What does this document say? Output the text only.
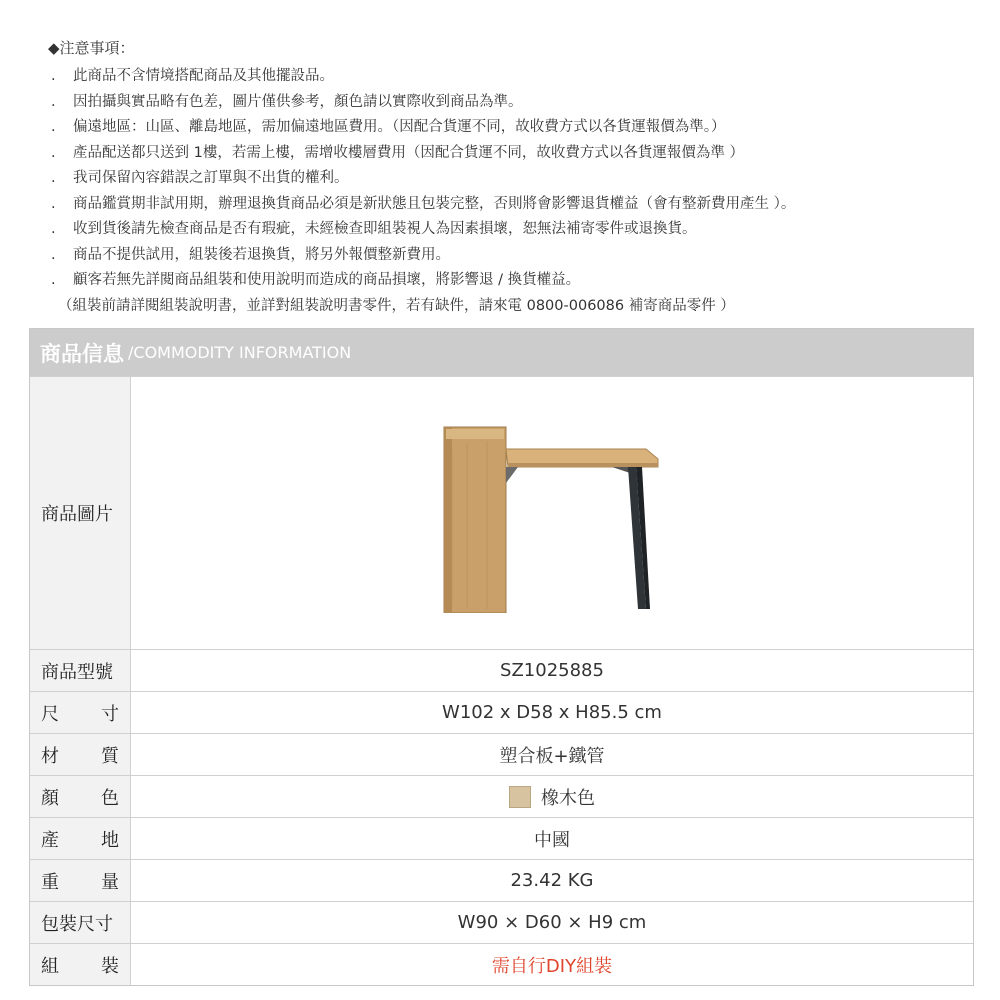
◆注意事項：
.	此商品不含情境搭配商品及其他擺設品。
.	因拍攝與實品略有色差，圖片僅供參考，顏色請以實際收到商品為準。
.	偏遠地區：山區、離島地區，需加偏遠地區費用。（因配合貨運不同，故收費方式以各貨運報價為準。）
.	產品配送都只送到 1樓，若需上樓，需增收樓層費用（因配合貨運不同，故收費方式以各貨運報價為準 ）
.	我司保留內容錯誤之訂單與不出貨的權利。
.	商品鑑賞期非試用期，辦理退換貨商品必須是新狀態且包裝完整，否則將會影響退貨權益（會有整新費用產生 ）。
.	收到貨後請先檢查商品是否有瑕疵，未經檢查即組裝視人為因素損壞，恕無法補寄零件或退換貨。
.	商品不提供試用，組裝後若退換貨，將另外報價整新費用。
.	顧客若無先詳閱商品組裝和使用說明而造成的商品損壞，將影響退 / 換貨權益。
（組裝前請詳閱組裝說明書，並詳對組裝說明書零件，若有缺件，請來電 0800-006086 補寄商品零件 ）
商品信息 /COMMODITY INFORMATION
商品圖片
商品型號	SZ1025885
尺 寸	W102 x D58 x H85.5 cm
材 質	塑合板+鐵管
顏 色	橡木色
產 地	中國
重 量	23.42 KG
包裝尺寸	W90 × D60 × H9 cm
組 裝	需自行DIY組裝
